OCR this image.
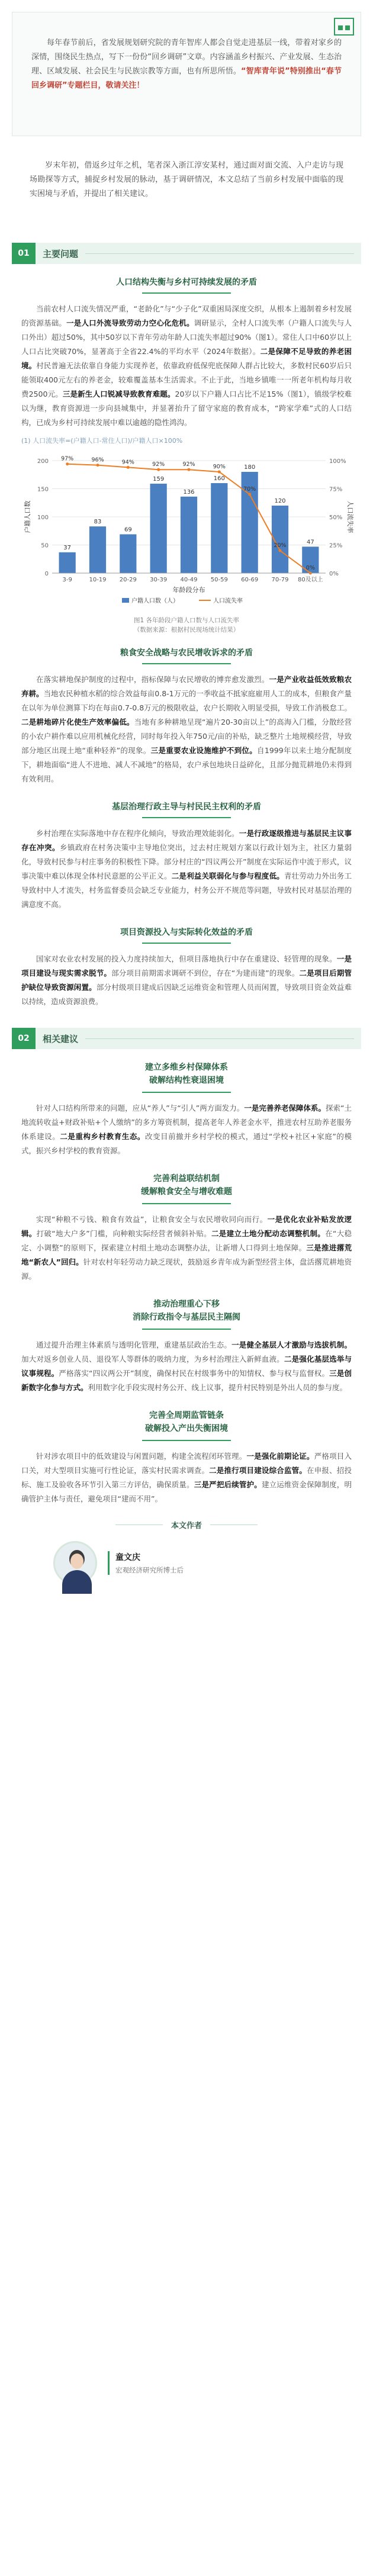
每年春节前后，省发展规划研究院的青年智库人都会自觉走进基层一线，带着对家乡的深情，围绕民生热点，写下一份份“回乡调研”文章。内容涵盖乡村振兴、产业发展、生态治理、区域发展、社会民生与民族宗教等方面，也有所思所悟。“智库青年说”特别推出“春节回乡调研”专题栏目，敬请关注！

岁末年初，借返乡过年之机，笔者深入浙江淳安某村，通过面对面交流、入户走访与现场勘探等方式，捕捉乡村发展的脉动，基于调研情况，本文总结了当前乡村发展中面临的现实困境与矛盾，并提出了相关建议。

01	主要问题
人口结构失衡与乡村可持续发展的矛盾

当前农村人口流失情况严重，“老龄化”与“少子化”双重困局深度交织，从根本上遏制着乡村发展的资源基础。一是人口外流导致劳动力空心化危机。调研显示，全村人口流失率（户籍人口流失与人口外出）超过50%，其中50岁以下青年劳动年龄人口流失率超过90%（图1）。常住人口中60岁以上人口占比突破70%，显著高于全省22.4%的平均水平（2024年数据）。二是保障不足导致的养老困境。村民普遍无法依靠自身能力实现养老，依靠政府低保兜底保障人群占比较大，多数村民60岁后只能领取400元左右的养老金，较难覆盖基本生活需求。不止于此，当地乡镇唯一一所老年机构每月收费2500元。三是新生人口锐减导致教育难题。20岁以下户籍人口占比不足15%（图1），镇级学校难以为继，教育资源进一步向县城集中，并显著抬升了留守家庭的教育成本，“跨家学难”式的人口结构，已成为乡村可持续发展中难以逾越的隐性鸿沟。

(1) 人口流失率=(户籍人口-常住人口)/户籍人口×100%
0
50
100
150
200
0%
25%
50%
75%
100%
37
3-9
83
10-19
69
20-29
159
30-39
136
40-49
160
50-59
180
60-69
120
70-79
47
80及以上
97%	96%	94%	92%	92%	90%
70%
20%
0%
年龄段分布
户籍人口数	人口流失率
户籍人口数（人）	人口流失率
图1 各年龄段户籍人口数与人口流失率
（数据来源：根据村民现场统计结果）
粮食安全战略与农民增收诉求的矛盾

在落实耕地保护制度的过程中，指标保障与农民增收的博弈愈发激烈。一是产业收益低效致粮农弃耕。当地农民种植水稻的综合效益每亩0.8-1万元的一季收益不抵家庭雇用人工的成本，但粮食产量在以年为单位测算下均在每亩0.7-0.8万元的极限收益，农户长期收入明显受损，导致工作消极怠工。二是耕地碎片化使生产效率偏低。当地有多种耕地呈现“遍片20-30亩以上”的高海入门槛，分散经营的小农户耕作难以应用机械化经营，同时每年投入年750元/亩的补贴，缺乏整片土地规模经营，导致部分地区出现土地“重种轻养”的现象。三是重要农业设施维护不到位。自1999年以来土地分配制度下，耕地面临“进人不进地、减人不减地”的格局，农户承包地块日益碎化，且部分抛荒耕地仍未得到有效利用。

基层治理行政主导与村民民主权利的矛盾

乡村治理在实际落地中存在程序化倾向，导致治理效能弱化。一是行政逐级推进与基层民主议事存在冲突。乡镇政府在村务决策中主导地位突出，过去村庄规划方案以行政计划为主，社区力量弱化，导致村民参与村庄事务的积极性下降。部分村庄的“四议两公开”制度在实际运作中流于形式，议事决策中难以体现全体村民意愿的公平正义。二是利益关联弱化与参与程度低。青壮劳动力外出务工导致村中人才流失，村务监督委员会缺乏专业能力，村务公开不规范等问题，导致村民对基层治理的满意度不高。

项目资源投入与实际转化效益的矛盾

国家对农业农村发展的投入力度持续加大，但项目落地执行中存在重建设、轻管理的现象。一是项目建设与现实需求脱节。部分项目前期需求调研不到位，存在“为建而建”的现象。二是项目后期管护缺位导致资源闲置。部分村级项目建成后因缺乏运维资金和管理人员而闲置，导致项目资金效益难以持续，造成资源浪费。

02	相关建议
建立多维乡村保障体系
破解结构性衰退困境

针对人口结构所带来的问题，应从“养人”与“引人”两方面发力。一是完善养老保障体系。探索“土地流转收益+财政补贴+个人缴纳”的多方筹资机制，提高老年人养老金水平，推进农村互助养老服务体系建设。二是重构乡村教育生态。改变目前撤并乡村学校的模式，通过“学校+社区+家庭”的模式，振兴乡村学校的教育资源。

完善利益联结机制
缓解粮食安全与增收难题

实现“种粮不亏钱、粮食有效益”，让粮食安全与农民增收同向而行。一是优化农业补贴发放逻辑。打破“地大户多”门槛，向种粮实际经营者倾斜补贴。二是建立土地分配动态调整机制。在“大稳定、小调整”的原则下，探索建立村组土地动态调整办法，让新增人口得到土地保障。三是推进撂荒地“新农人”回归。针对农村年轻劳动力缺乏现状，鼓励返乡青年成为新型经营主体，盘活撂荒耕地资源。

推动治理重心下移
消除行政指令与基层民主隔阂

通过提升治理主体素质与透明化管理，重建基层政治生态。一是健全基层人才激励与选拔机制。加大对返乡创业人员、退役军人等群体的吸纳力度，为乡村治理注入新鲜血液。二是强化基层选举与议事规程。严格落实“四议两公开”制度，确保村民在村级事务中的知情权、参与权与监督权。三是创新数字化参与方式。利用数字化手段实现村务公开、线上议事，提升村民特别是外出人员的参与度。

完善全周期监管链条
破解投入产出失衡困境

针对涉农项目中的低效建设与闲置问题，构建全流程闭环管理。一是强化前期论证。严格项目入口关，对大型项目实施可行性论证，落实村民需求调查。二是推行项目建设综合监管。在申报、招投标、施工及验收各环节引入第三方评估，确保质量。三是严把后续管护。建立运维资金保障制度，明确管护主体与责任，避免项目“建而不用”。

本文作者
童文庆
宏观经济研究所博士后
